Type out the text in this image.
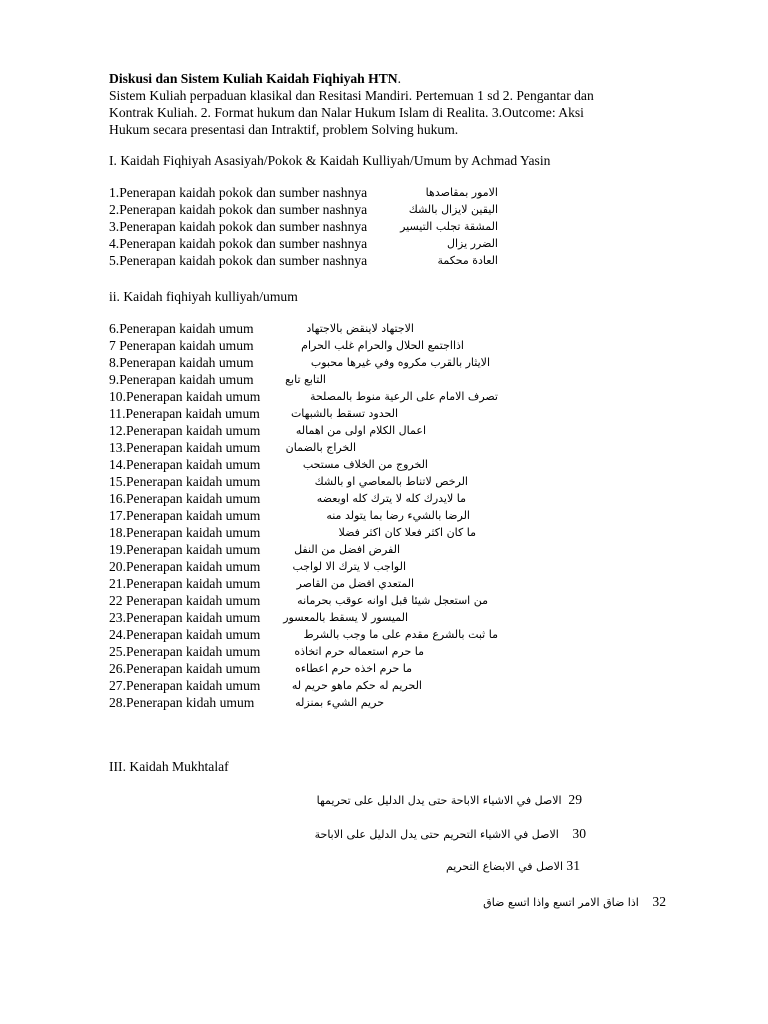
Diskusi dan Sistem Kuliah Kaidah Fiqhiyah HTN.
Sistem Kuliah perpaduan klasikal dan Resitasi Mandiri. Pertemuan 1 sd 2. Pengantar dan
Kontrak Kuliah. 2. Format hukum dan Nalar Hukum Islam di Realita. 3.Outcome: Aksi
Hukum secara presentasi dan Intraktif, problem Solving hukum.
I. Kaidah Fiqhiyah Asasiyah/Pokok & Kaidah Kulliyah/Umum by Achmad Yasin
1.Penerapan kaidah pokok dan sumber nashnya	الامور بمقاصدها
2.Penerapan kaidah pokok dan sumber nashnya	اليقين لايزال بالشك
3.Penerapan kaidah pokok dan sumber nashnya	المشقة تجلب التيسير
4.Penerapan kaidah pokok dan sumber nashnya	الضرر يزال
5.Penerapan kaidah pokok dan sumber nashnya	العادة محكمة
ii. Kaidah fiqhiyah kulliyah/umum
6.Penerapan kaidah umum	الاجتهاد لاينقض بالاجتهاد
7 Penerapan kaidah umum	اذااجتمع الحلال والحرام غلب الحرام
8.Penerapan kaidah umum	الايثار بالقرب مكروه وفي غيرها محبوب
9.Penerapan kaidah umum	التابع تابع
10.Penerapan kaidah umum	تصرف الامام على الرعية منوط بالمصلحة
11.Penerapan kaidah umum	الحدود تسقط بالشبهات
12.Penerapan kaidah umum	اعمال الكلام اولى من اهماله
13.Penerapan kaidah umum الخراج بالضمان
14.Penerapan kaidah umum	الخروج من الخلاف مستحب
15.Penerapan kaidah umum	الرخص لاتناط بالمعاصي او بالشك
16.Penerapan kaidah umum	ما لايدرك كله لا يترك كله اوبعضه
17.Penerapan kaidah umum	الرضا بالشيء رضا بما يتولد منه
18.Penerapan kaidah umum	ما كان اكثر فعلا كان اكثر فضلا
19.Penerapan kaidah umum	الفرض افضل من النفل
20.Penerapan kaidah umum	الواجب لا يترك الا لواجب
21.Penerapan kaidah umum	المتعدي افضل من القاصر
22 Penerapan kaidah umum	من استعجل شيئا قبل اوانه عوقب بحرمانه
23.Penerapan kaidah umum الميسور لا يسقط بالمعسور
24.Penerapan kaidah umum	ما ثبت بالشرع مقدم على ما وجب بالشرط
25.Penerapan kaidah umum	ما حرم استعماله حرم اتخاذه
26.Penerapan kaidah umum	ما حرم اخذه حرم اعطاءه
27.Penerapan kaidah umum	الحريم له حكم ماهو حريم له
28.Penerapan kidah umum	حريم الشيء بمنزله
III. Kaidah Mukhtalaf
الاصل في الاشياء الاباحة حتى يدل الدليل على تحريمها 29
الاصل في الاشياء التحريم حتى يدل الدليل على الاباحة 30
الاصل في الابضاع التحريم 31
اذا ضاق الامر اتسع واذا اتسع ضاق 32
